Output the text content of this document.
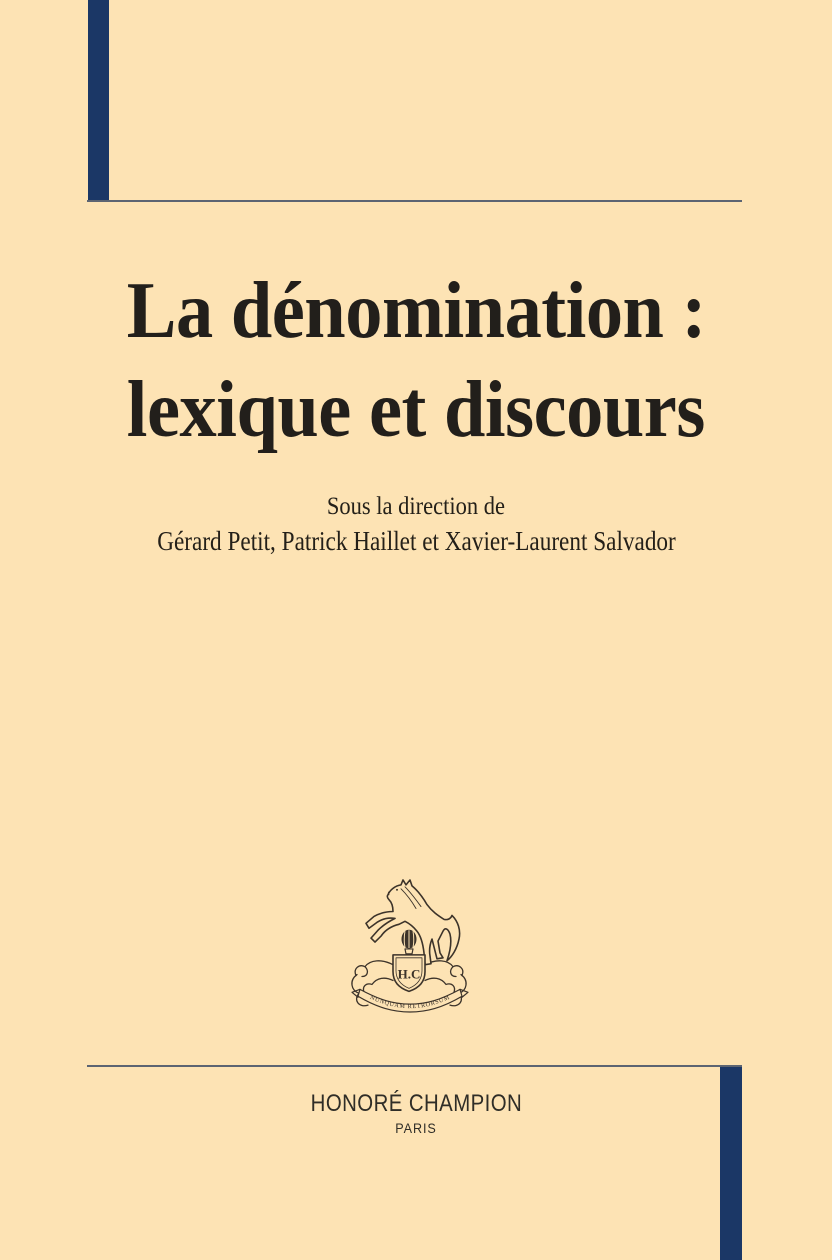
La dénomination :
lexique et discours

Sous la direction de

Gérard Petit, Patrick Haillet et Xavier-Laurent Salvador

H.C
NUNQUAM RETRORSUM

HONORÉ CHAMPION

PARIS
